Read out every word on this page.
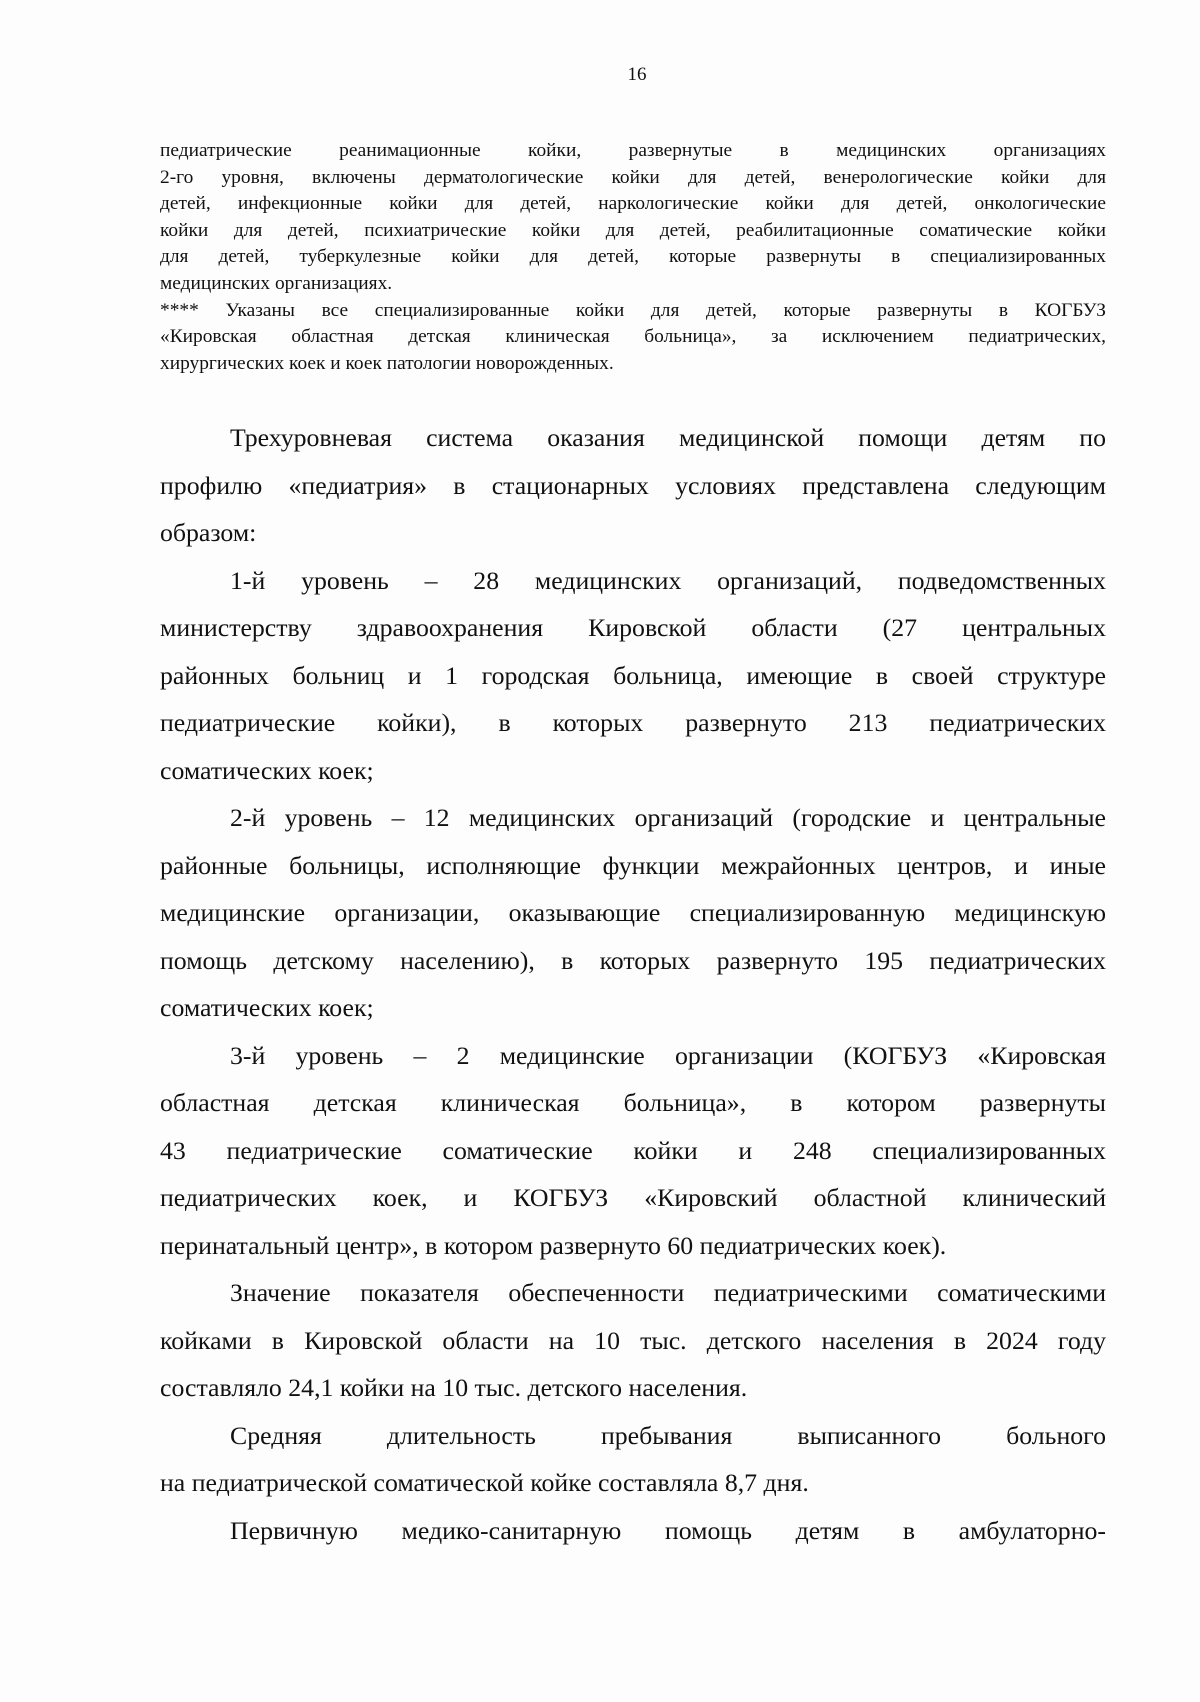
16

педиатрические реанимационные койки, развернутые в медицинских организациях

2-го уровня, включены дерматологические койки для детей, венерологические койки для

детей, инфекционные койки для детей, наркологические койки для детей, онкологические

койки для детей, психиатрические койки для детей, реабилитационные соматические койки

для детей, туберкулезные койки для детей, которые развернуты в специализированных

медицинских организациях.

**** Указаны все специализированные койки для детей, которые развернуты в КОГБУЗ

«Кировская областная детская клиническая больница», за исключением педиатрических,

хирургических коек и коек патологии новорожденных.

Трехуровневая система оказания медицинской помощи детям по
профилю «педиатрия» в стационарных условиях представлена следующим
образом:
1-й уровень – 28 медицинских организаций, подведомственных
министерству здравоохранения Кировской области (27 центральных
районных больниц и 1 городская больница, имеющие в своей структуре
педиатрические койки), в которых развернуто 213 педиатрических
соматических коек;
2-й уровень – 12 медицинских организаций (городские и центральные
районные больницы, исполняющие функции межрайонных центров, и иные
медицинские организации, оказывающие специализированную медицинскую
помощь детскому населению), в которых развернуто 195 педиатрических
соматических коек;
3-й уровень – 2 медицинские организации (КОГБУЗ «Кировская
областная детская клиническая больница», в котором развернуты
43 педиатрические соматические койки и 248 специализированных
педиатрических коек, и КОГБУЗ «Кировский областной клинический
перинатальный центр», в котором развернуто 60 педиатрических коек).
Значение показателя обеспеченности педиатрическими соматическими
койками в Кировской области на 10 тыс. детского населения в 2024 году
составляло 24,1 койки на 10 тыс. детского населения.
Средняя длительность пребывания выписанного больного
на педиатрической соматической койке составляла 8,7 дня.
Первичную медико-санитарную помощь детям в амбулаторно-
